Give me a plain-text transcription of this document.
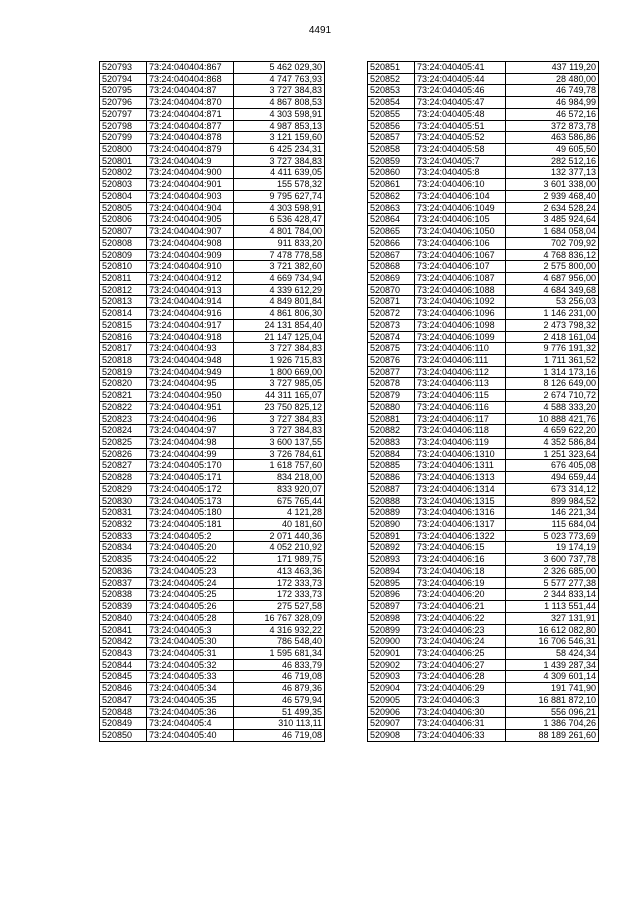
4491
520793	73:24:040404:867	5 462 029,30
520794	73:24:040404:868	4 747 763,93
520795	73:24:040404:87	3 727 384,83
520796	73:24:040404:870	4 867 808,53
520797	73:24:040404:871	4 303 598,91
520798	73:24:040404:877	4 987 853,13
520799	73:24:040404:878	3 121 159,60
520800	73:24:040404:879	6 425 234,31
520801	73:24:040404:9	3 727 384,83
520802	73:24:040404:900	4 411 639,05
520803	73:24:040404:901	155 578,32
520804	73:24:040404:903	9 795 627,74
520805	73:24:040404:904	4 303 598,91
520806	73:24:040404:905	6 536 428,47
520807	73:24:040404:907	4 801 784,00
520808	73:24:040404:908	911 833,20
520809	73:24:040404:909	7 478 778,58
520810	73:24:040404:910	3 721 382,60
520811	73:24:040404:912	4 669 734,94
520812	73:24:040404:913	4 339 612,29
520813	73:24:040404:914	4 849 801,84
520814	73:24:040404:916	4 861 806,30
520815	73:24:040404:917	24 131 854,40
520816	73:24:040404:918	21 147 125,04
520817	73:24:040404:93	3 727 384,83
520818	73:24:040404:948	1 926 715,83
520819	73:24:040404:949	1 800 669,00
520820	73:24:040404:95	3 727 985,05
520821	73:24:040404:950	44 311 165,07
520822	73:24:040404:951	23 750 825,12
520823	73:24:040404:96	3 727 384,83
520824	73:24:040404:97	3 727 384,83
520825	73:24:040404:98	3 600 137,55
520826	73:24:040404:99	3 726 784,61
520827	73:24:040405:170	1 618 757,60
520828	73:24:040405:171	834 218,00
520829	73:24:040405:172	833 920,07
520830	73:24:040405:173	675 765,44
520831	73:24:040405:180	4 121,28
520832	73:24:040405:181	40 181,60
520833	73:24:040405:2	2 071 440,36
520834	73:24:040405:20	4 052 210,92
520835	73:24:040405:22	171 989,75
520836	73:24:040405:23	413 463,36
520837	73:24:040405:24	172 333,73
520838	73:24:040405:25	172 333,73
520839	73:24:040405:26	275 527,58
520840	73:24:040405:28	16 767 328,09
520841	73:24:040405:3	4 316 932,22
520842	73:24:040405:30	786 548,40
520843	73:24:040405:31	1 595 681,34
520844	73:24:040405:32	46 833,79
520845	73:24:040405:33	46 719,08
520846	73:24:040405:34	46 879,36
520847	73:24:040405:35	46 579,94
520848	73:24:040405:36	51 499,35
520849	73:24:040405:4	310 113,11
520850	73:24:040405:40	46 719,08
520851	73:24:040405:41	437 119,20
520852	73:24:040405:44	28 480,00
520853	73:24:040405:46	46 749,78
520854	73:24:040405:47	46 984,99
520855	73:24:040405:48	46 572,16
520856	73:24:040405:51	372 873,78
520857	73:24:040405:52	463 586,86
520858	73:24:040405:58	49 605,50
520859	73:24:040405:7	282 512,16
520860	73:24:040405:8	132 377,13
520861	73:24:040406:10	3 601 338,00
520862	73:24:040406:104	2 939 468,40
520863	73:24:040406:1049	2 634 528,24
520864	73:24:040406:105	3 485 924,64
520865	73:24:040406:1050	1 684 058,04
520866	73:24:040406:106	702 709,92
520867	73:24:040406:1067	4 768 836,12
520868	73:24:040406:107	2 575 800,00
520869	73:24:040406:1087	4 687 956,00
520870	73:24:040406:1088	4 684 349,68
520871	73:24:040406:1092	53 256,03
520872	73:24:040406:1096	1 146 231,00
520873	73:24:040406:1098	2 473 798,32
520874	73:24:040406:1099	2 418 161,04
520875	73:24:040406:110	9 776 191,32
520876	73:24:040406:111	1 711 361,52
520877	73:24:040406:112	1 314 173,16
520878	73:24:040406:113	8 126 649,00
520879	73:24:040406:115	2 674 710,72
520880	73:24:040406:116	4 588 333,20
520881	73:24:040406:117	10 888 421,76
520882	73:24:040406:118	4 659 622,20
520883	73:24:040406:119	4 352 586,84
520884	73:24:040406:1310	1 251 323,64
520885	73:24:040406:1311	676 405,08
520886	73:24:040406:1313	494 659,44
520887	73:24:040406:1314	673 314,12
520888	73:24:040406:1315	899 984,52
520889	73:24:040406:1316	146 221,34
520890	73:24:040406:1317	115 684,04
520891	73:24:040406:1322	5 023 773,69
520892	73:24:040406:15	19 174,19
520893	73:24:040406:16	3 600 737,78
520894	73:24:040406:18	2 326 685,00
520895	73:24:040406:19	5 577 277,38
520896	73:24:040406:20	2 344 833,14
520897	73:24:040406:21	1 113 551,44
520898	73:24:040406:22	327 131,91
520899	73:24:040406:23	16 612 082,80
520900	73:24:040406:24	16 706 546,31
520901	73:24:040406:25	58 424,34
520902	73:24:040406:27	1 439 287,34
520903	73:24:040406:28	4 309 601,14
520904	73:24:040406:29	191 741,90
520905	73:24:040406:3	16 881 872,10
520906	73:24:040406:30	556 096,21
520907	73:24:040406:31	1 386 704,26
520908	73:24:040406:33	88 189 261,60
